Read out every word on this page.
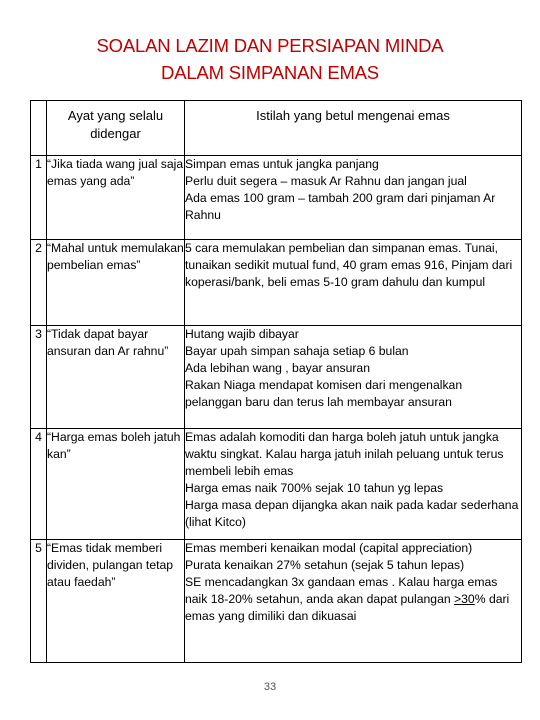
SOALAN LAZIM DAN PERSIAPAN MINDA
DALAM SIMPANAN EMAS
	Ayat yang selalu didengar	Istilah yang betul mengenai emas
1	“Jika tiada wang jual saja emas yang ada”	Simpan emas untuk jangka panjang
Perlu duit segera – masuk Ar Rahnu dan jangan jual
Ada emas 100 gram – tambah 200 gram dari pinjaman Ar Rahnu

2	“Mahal untuk memulakan pembelian emas”	5 cara memulakan pembelian dan simpanan emas. Tunai, tunaikan sedikit mutual fund, 40 gram emas 916, Pinjam dari koperasi/bank, beli emas 5-10 gram dahulu dan kumpul

3	“Tidak dapat bayar ansuran dan Ar rahnu”	Hutang wajib dibayar
Bayar upah simpan sahaja setiap 6 bulan
Ada lebihan wang , bayar ansuran
Rakan Niaga mendapat komisen dari mengenalkan pelanggan baru dan terus lah membayar ansuran

4	“Harga emas boleh jatuh kan”	Emas adalah komoditi dan harga boleh jatuh untuk jangka waktu singkat. Kalau harga jatuh inilah peluang untuk terus membeli lebih emas
Harga emas naik 700% sejak 10 tahun yg lepas
Harga masa depan dijangka akan naik pada kadar sederhana (lihat Kitco)

5	“Emas tidak memberi dividen, pulangan tetap atau faedah”	Emas memberi kenaikan modal (capital appreciation)
Purata kenaikan 27% setahun (sejak 5 tahun lepas)
SE mencadangkan 3x gandaan emas . Kalau harga emas naik 18-20% setahun, anda akan dapat pulangan >30% dari emas yang dimiliki dan dikuasai
33
